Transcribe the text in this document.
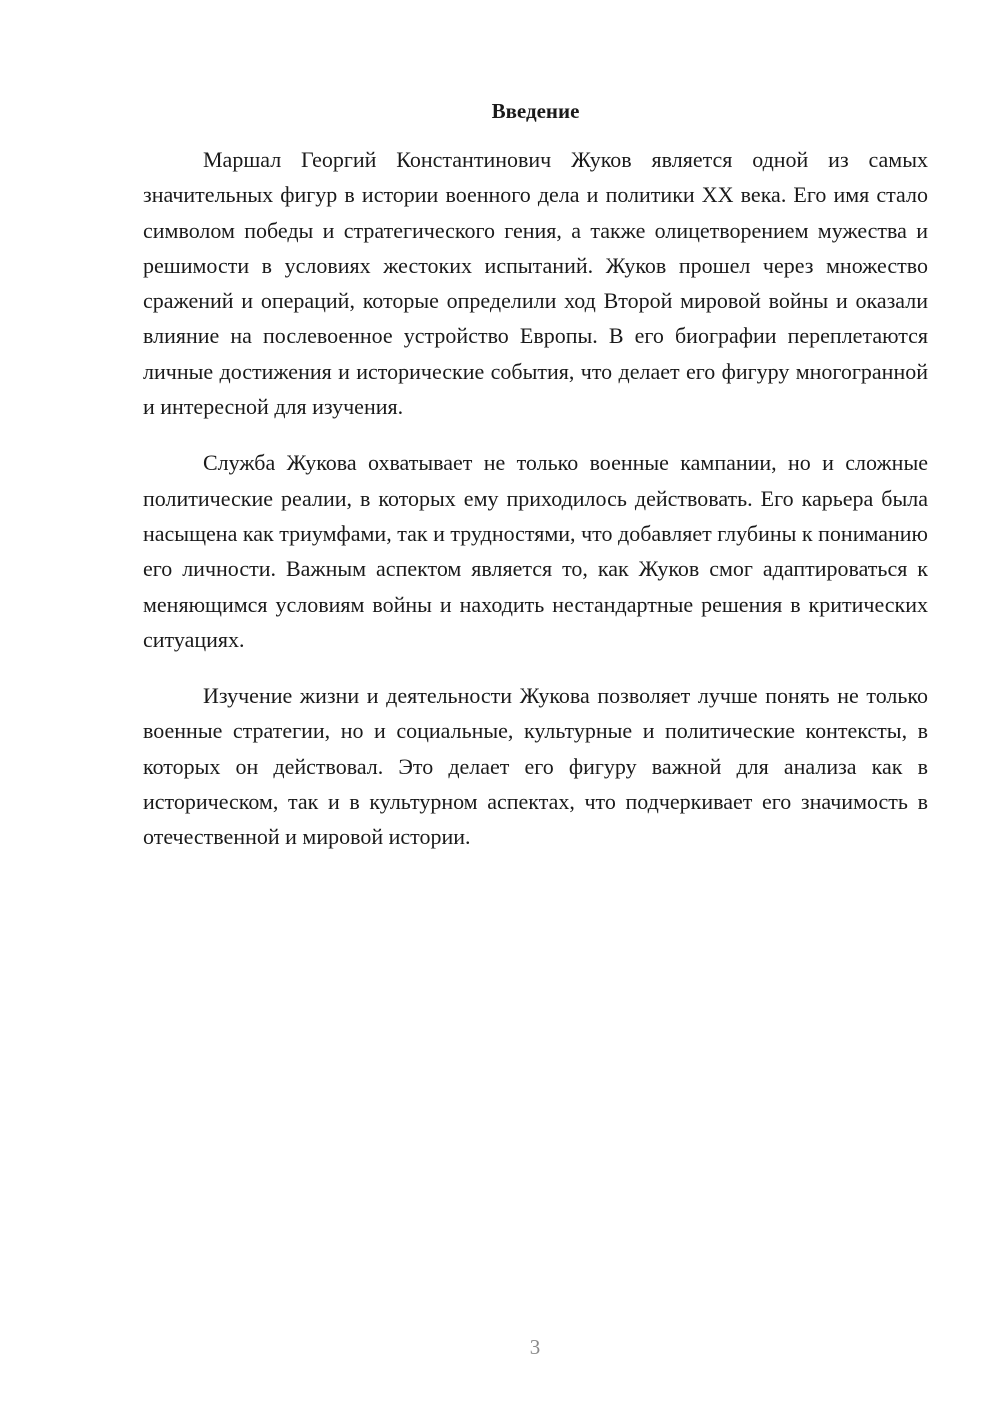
Введение

Маршал Георгий Константинович Жуков является одной из самых значительных фигур в истории военного дела и политики XX века. Его имя стало символом победы и стратегического гения, а также олицетворением мужества и решимости в условиях жестоких испытаний. Жуков прошел через множество сражений и операций, которые определили ход Второй мировой войны и оказали влияние на послевоенное устройство Европы. В его биографии переплетаются личные достижения и исторические события, что делает его фигуру многогранной и интересной для изучения.

Служба Жукова охватывает не только военные кампании, но и сложные политические реалии, в которых ему приходилось действовать. Его карьера была насыщена как триумфами, так и трудностями, что добавляет глубины к пониманию его личности. Важным аспектом является то, как Жуков смог адаптироваться к меняющимся условиям войны и находить нестандартные решения в критических ситуациях.

Изучение жизни и деятельности Жукова позволяет лучше понять не только военные стратегии, но и социальные, культурные и политические контексты, в которых он действовал. Это делает его фигуру важной для анализа как в историческом, так и в культурном аспектах, что подчеркивает его значимость в отечественной и мировой истории.

3
